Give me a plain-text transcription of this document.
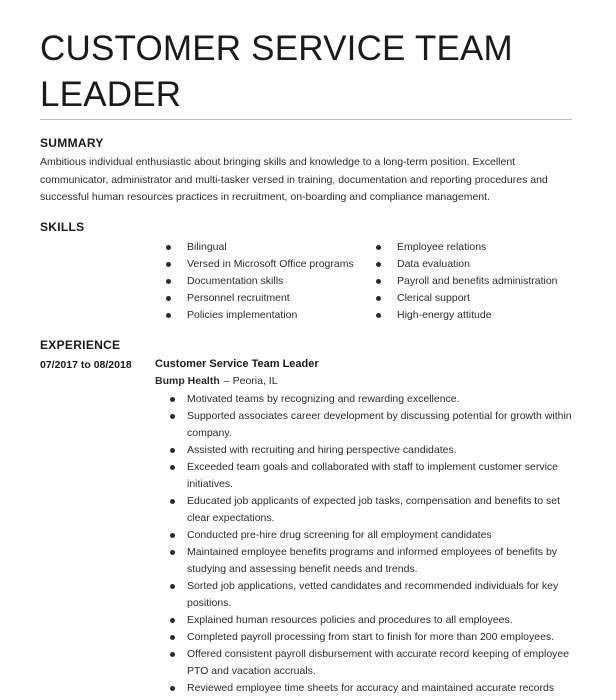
CUSTOMER SERVICE TEAM
LEADER
SUMMARY

Ambitious individual enthusiastic about bringing skills and knowledge to a long-term position. Excellent communicator, administrator and multi-tasker versed in training, documentation and reporting procedures and successful human resources practices in recruitment, on-boarding and compliance management.

SKILLS
Bilingual
Versed in Microsoft Office programs
Documentation skills
Personnel recruitment
Policies implementation
Employee relations
Data evaluation
Payroll and benefits administration
Clerical support
High-energy attitude
EXPERIENCE
07/2017 to 08/2018 Customer Service Team Leader
Bump Health – Peoria, IL
Motivated teams by recognizing and rewarding excellence.
Supported associates career development by discussing potential for growth within company.
Assisted with recruiting and hiring perspective candidates.
Exceeded team goals and collaborated with staff to implement customer service initiatives.
Educated job applicants of expected job tasks, compensation and benefits to set clear expectations.
Conducted pre-hire drug screening for all employment candidates
Maintained employee benefits programs and informed employees of benefits by studying and assessing benefit needs and trends.
Sorted job applications, vetted candidates and recommended individuals for key positions.
Explained human resources policies and procedures to all employees.
Completed payroll processing from start to finish for more than 200 employees.
Offered consistent payroll disbursement with accurate record keeping of employee PTO and vacation accruals.
Reviewed employee time sheets for accuracy and maintained accurate records
